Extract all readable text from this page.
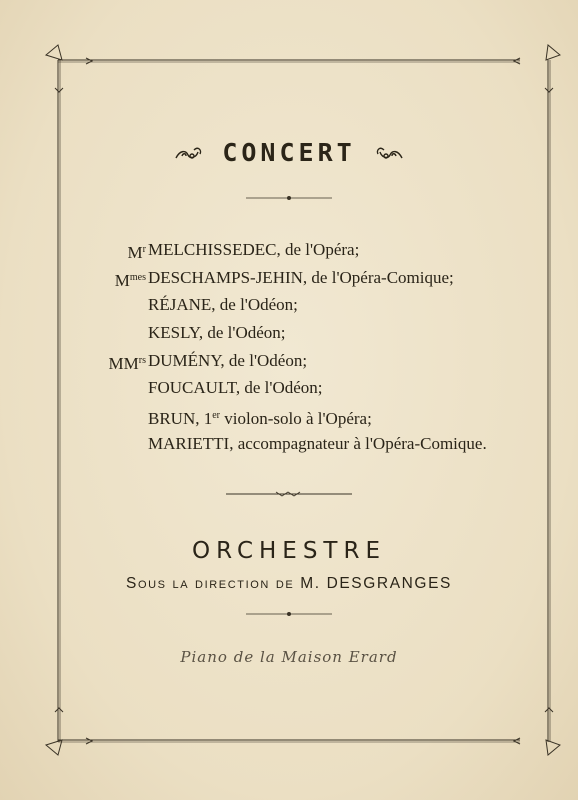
CONCERT
$M^r$ MELCHISSEDEC, de l'Opéra;
$M^{mes}$ DESCHAMPS-JEHIN, de l'Opéra-Comique;
RÉJANE, de l'Odéon;
KESLY, de l'Odéon;
$MM^{rs}$ DUMÉNY, de l'Odéon;
FOUCAULT, de l'Odéon;
BRUN, 1er violon-solo à l'Opéra;
MARIETTI, accompagnateur à l'Opéra-Comique.
ORCHESTRE
Sous la direction de M. DESGRANGES
Piano de la Maison Erard
